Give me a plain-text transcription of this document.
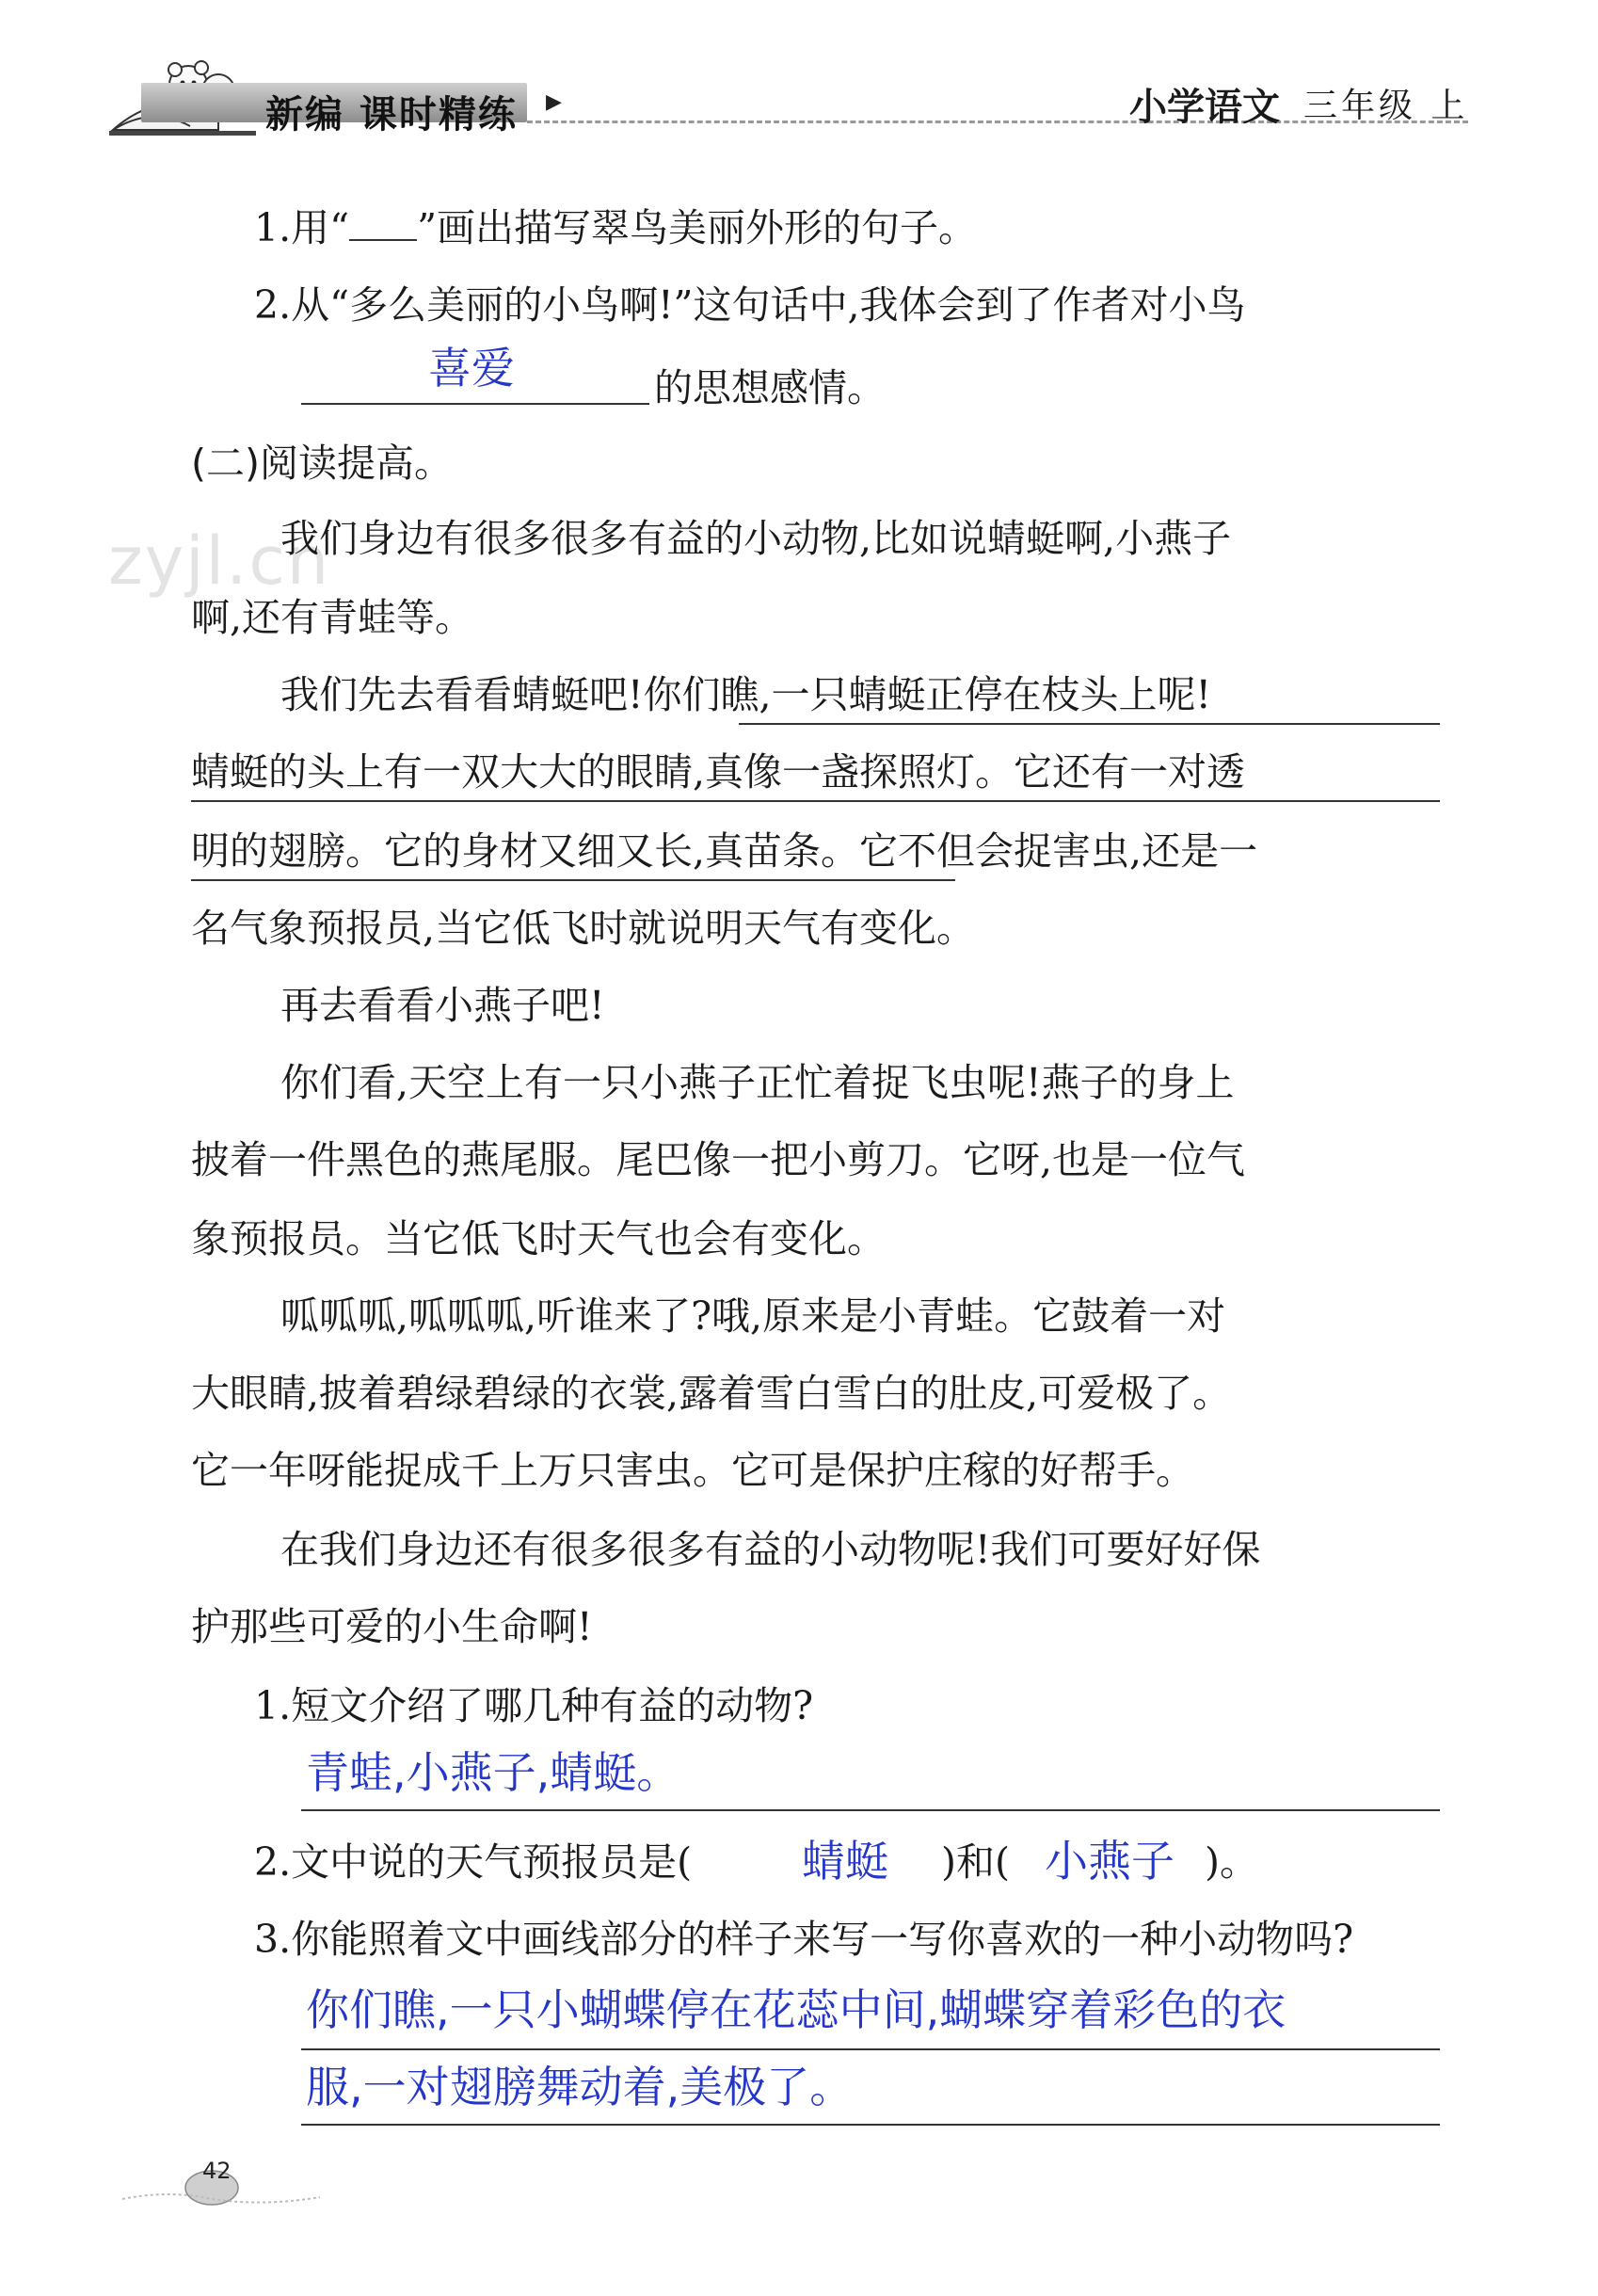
新编 课时精练 ▶	小学语文 三年级 上
zyjl.cn
1.用“ ”画出描写翠鸟美丽外形的句子。
2.从“多么美丽的小鸟啊!”这句话中,我体会到了作者对小鸟
喜爱	的思想感情。
(二)阅读提高。
我们身边有很多很多有益的小动物,比如说蜻蜓啊,小燕子
啊,还有青蛙等。
我们先去看看蜻蜓吧!你们瞧,一只蜻蜓正停在枝头上呢!
蜻蜓的头上有一双大大的眼睛,真像一盏探照灯。它还有一对透
明的翅膀。它的身材又细又长,真苗条。它不但会捉害虫,还是一
名气象预报员,当它低飞时就说明天气有变化。
再去看看小燕子吧!
你们看,天空上有一只小燕子正忙着捉飞虫呢!燕子的身上
披着一件黑色的燕尾服。尾巴像一把小剪刀。它呀,也是一位气
象预报员。当它低飞时天气也会有变化。
呱呱呱,呱呱呱,听谁来了?哦,原来是小青蛙。它鼓着一对
大眼睛,披着碧绿碧绿的衣裳,露着雪白雪白的肚皮,可爱极了。
它一年呀能捉成千上万只害虫。它可是保护庄稼的好帮手。
在我们身边还有很多很多有益的小动物呢!我们可要好好保
护那些可爱的小生命啊!
1.短文介绍了哪几种有益的动物?
青蛙,小燕子,蜻蜓。
2.文中说的天气预报员是(	蜻蜓 )和( 小燕子 )。
3.你能照着文中画线部分的样子来写一写你喜欢的一种小动物吗?
你们瞧,一只小蝴蝶停在花蕊中间,蝴蝶穿着彩色的衣
服,一对翅膀舞动着,美极了。
42
